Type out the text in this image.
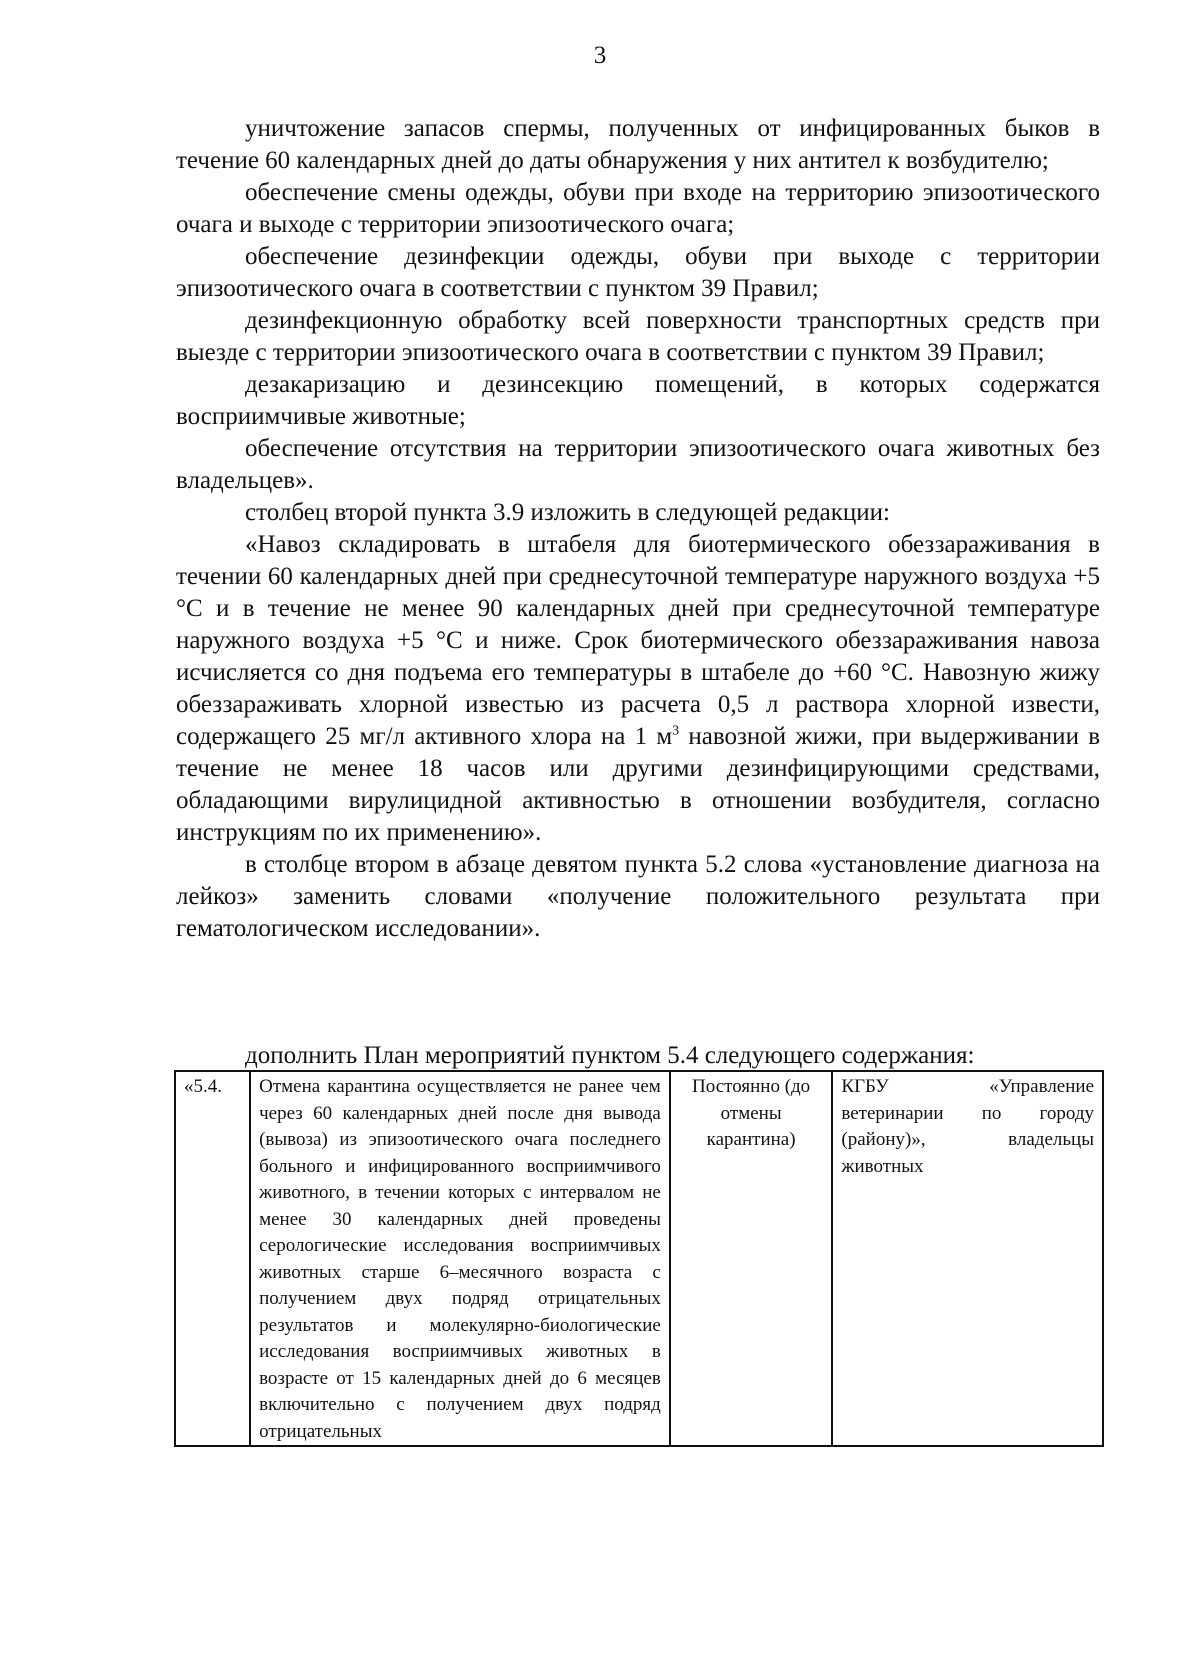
3

уничтожение запасов спермы, полученных от инфицированных быков в течение 60 календарных дней до даты обнаружения у них антител к возбудителю;

обеспечение смены одежды, обуви при входе на территорию эпизоотического очага и выходе с территории эпизоотического очага;

обеспечение дезинфекции одежды, обуви при выходе с территории эпизоотического очага в соответствии с пунктом 39 Правил;

дезинфекционную обработку всей поверхности транспортных средств при выезде с территории эпизоотического очага в соответствии с пунктом 39 Правил;

дезакаризацию и дезинсекцию помещений, в которых содержатся восприимчивые животные;

обеспечение отсутствия на территории эпизоотического очага животных без владельцев».

столбец второй пункта 3.9 изложить в следующей редакции:

«Навоз складировать в штабеля для биотермического обеззараживания в течении 60 календарных дней при среднесуточной температуре наружного воздуха +5 °С и в течение не менее 90 календарных дней при среднесуточной температуре наружного воздуха +5 °С и ниже. Срок биотермического обеззараживания навоза исчисляется со дня подъема его температуры в штабеле до +60 °С. Навозную жижу обеззараживать хлорной известью из расчета 0,5 л раствора хлорной извести, содержащего 25 мг/л активного хлора на 1 $м^3$ навозной жижи, при выдерживании в течение не менее 18 часов или другими дезинфицирующими средствами, обладающими вирулицидной активностью в отношении возбудителя, согласно инструкциям по их применению».

в столбце втором в абзаце девятом пункта 5.2 слова «установление диагноза на лейкоз» заменить словами «получение положительного результата при гематологическом исследовании».

дополнить План мероприятий пунктом 5.4 следующего содержания:

«5.4.	Отмена карантина осуществляется не ранее чем через 60 календарных дней после дня вывода (вывоза) из эпизоотического очага последнего больного и инфицированного восприимчивого животного, в течении которых с интервалом не менее 30 календарных дней проведены серологические исследования восприимчивых животных старше 6–месячного возраста с получением двух подряд отрицательных результатов и молекулярно-биологические исследования восприимчивых животных в возрасте от 15 календарных дней до 6 месяцев включительно с получением двух подряд отрицательных	Постоянно (до отмены карантина)	КГБУ «Управление ветеринарии по городу (району)», владельцы животных
